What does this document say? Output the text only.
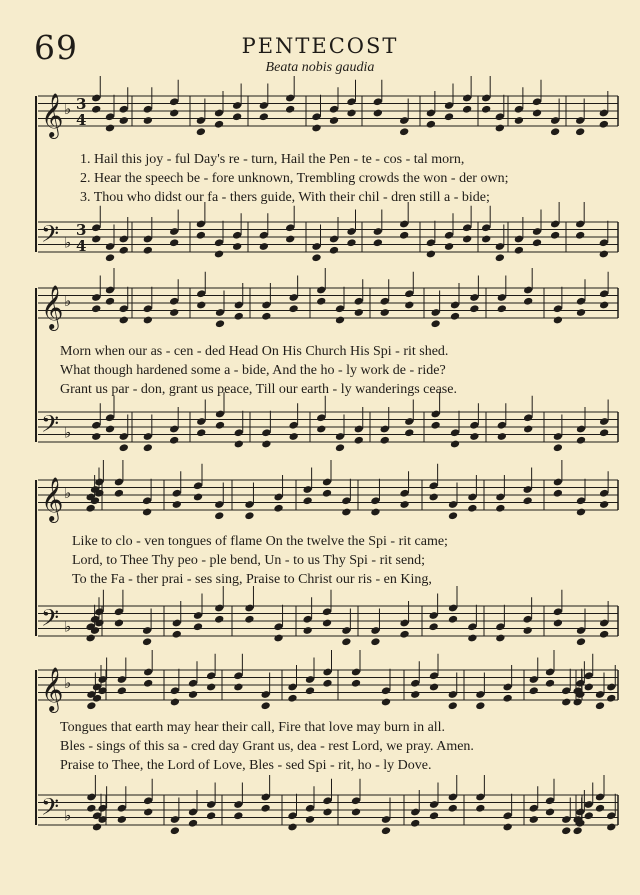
69	PENTECOST
Beata nobis gaudia
𝄞 ♭
𝄢 ♭
𝄞 ♭
𝄢 ♭
𝄞 ♭
𝄢 ♭
𝄞 ♭
𝄢 ♭
3
4
3
4
1. Hail this joy - ful Day's re - turn, Hail the Pen - te - cos - tal morn,
2. Hear the speech be - fore unknown, Trembling crowds the won - der own;
3. Thou who didst our fa - thers guide, With their chil - dren still a - bide;
Morn when our as - cen - ded Head On His Church His Spi - rit shed.
What though hardened some a - bide, And the ho - ly work de - ride?
Grant us par - don, grant us peace, Till our earth - ly wanderings cease.
Like to clo - ven tongues of flame On the twelve the Spi - rit came;
Lord, to Thee Thy peo - ple bend, Un - to us Thy Spi - rit send;
To the Fa - ther prai - ses sing, Praise to Christ our ris - en King,
Tongues that earth may hear their call, Fire that love may burn in all.
Bles - sings of this sa - cred day Grant us, dea - rest Lord, we pray. Amen.
Praise to Thee, the Lord of Love, Bles - sed Spi - rit, ho - ly Dove.
